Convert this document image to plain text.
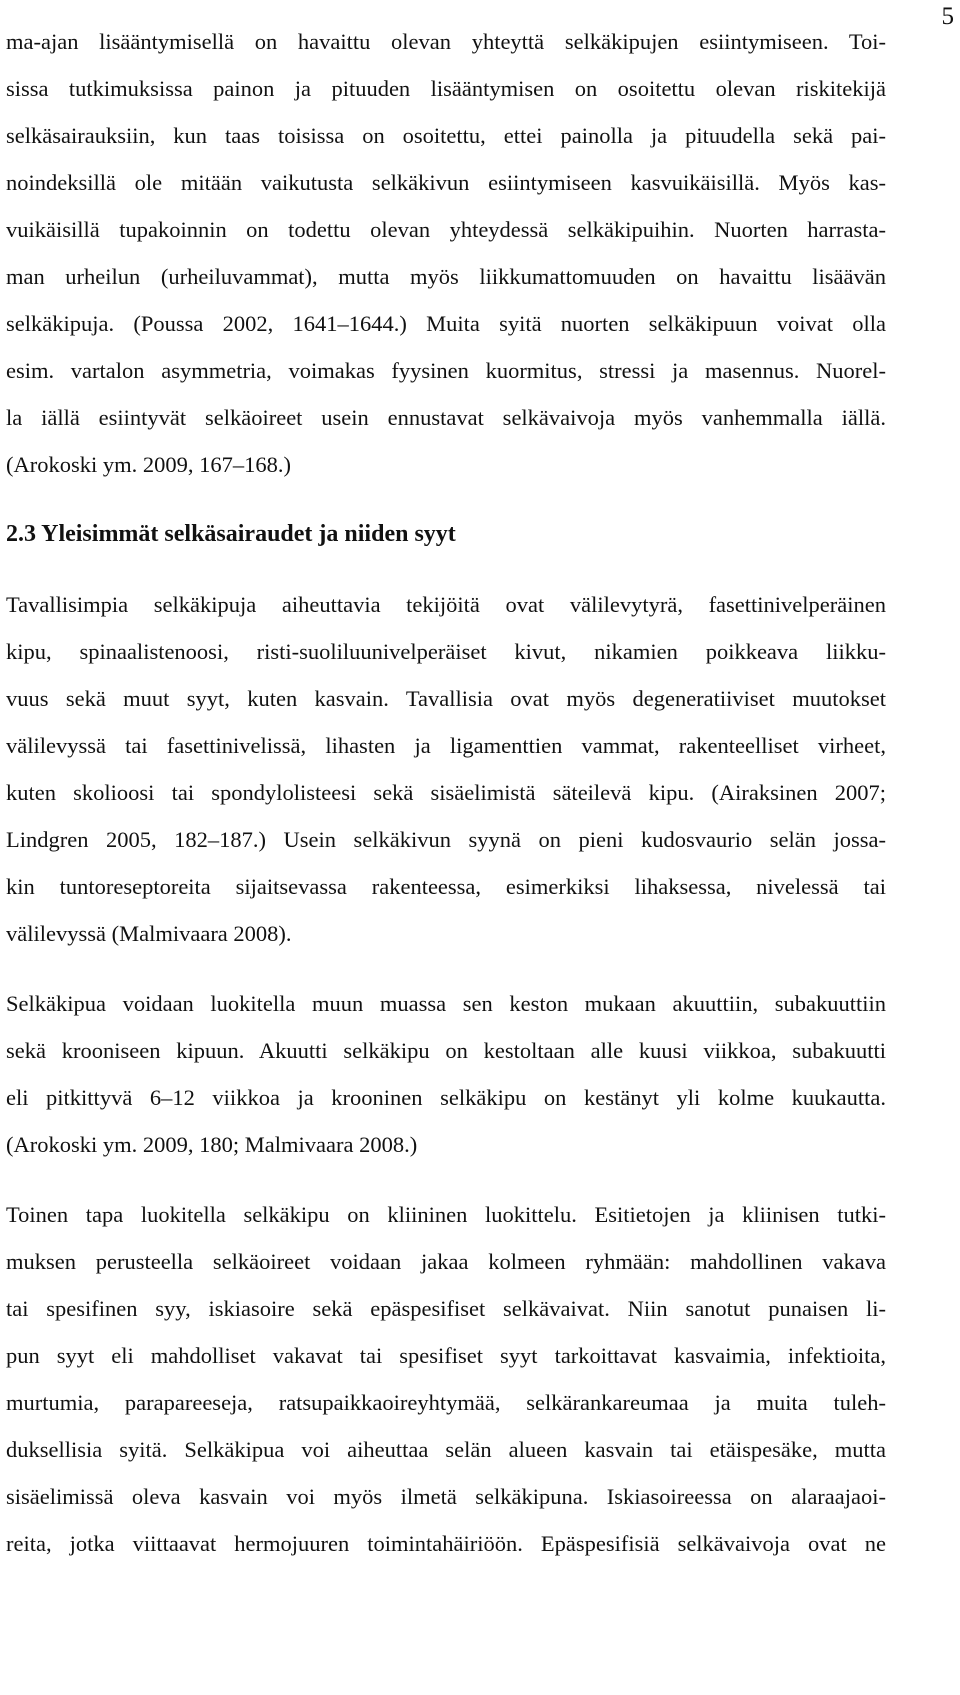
5
ma-ajan lisääntymisellä on havaittu olevan yhteyttä selkäkipujen esiintymiseen. Toi-
sissa tutkimuksissa painon ja pituuden lisääntymisen on osoitettu olevan riskitekijä
selkäsairauksiin, kun taas toisissa on osoitettu, ettei painolla ja pituudella sekä pai-
noindeksillä ole mitään vaikutusta selkäkivun esiintymiseen kasvuikäisillä. Myös kas-
vuikäisillä tupakoinnin on todettu olevan yhteydessä selkäkipuihin. Nuorten harrasta-
man urheilun (urheiluvammat), mutta myös liikkumattomuuden on havaittu lisäävän
selkäkipuja. (Poussa 2002, 1641–1644.) Muita syitä nuorten selkäkipuun voivat olla
esim. vartalon asymmetria, voimakas fyysinen kuormitus, stressi ja masennus. Nuorel-
la iällä esiintyvät selkäoireet usein ennustavat selkävaivoja myös vanhemmalla iällä.
(Arokoski ym. 2009, 167–168.)
2.3 Yleisimmät selkäsairaudet ja niiden syyt
Tavallisimpia selkäkipuja aiheuttavia tekijöitä ovat välilevytyrä, fasettinivelperäinen
kipu, spinaalistenoosi, risti-suoliluunivelperäiset kivut, nikamien poikkeava liikku-
vuus sekä muut syyt, kuten kasvain. Tavallisia ovat myös degeneratiiviset muutokset
välilevyssä tai fasettinivelissä, lihasten ja ligamenttien vammat, rakenteelliset virheet,
kuten skolioosi tai spondylolisteesi sekä sisäelimistä säteilevä kipu. (Airaksinen 2007;
Lindgren 2005, 182–187.) Usein selkäkivun syynä on pieni kudosvaurio selän jossa-
kin tuntoreseptoreita sijaitsevassa rakenteessa, esimerkiksi lihaksessa, nivelessä tai
välilevyssä (Malmivaara 2008).
Selkäkipua voidaan luokitella muun muassa sen keston mukaan akuuttiin, subakuuttiin
sekä krooniseen kipuun. Akuutti selkäkipu on kestoltaan alle kuusi viikkoa, subakuutti
eli pitkittyvä 6–12 viikkoa ja krooninen selkäkipu on kestänyt yli kolme kuukautta.
(Arokoski ym. 2009, 180; Malmivaara 2008.)
Toinen tapa luokitella selkäkipu on kliininen luokittelu. Esitietojen ja kliinisen tutki-
muksen perusteella selkäoireet voidaan jakaa kolmeen ryhmään: mahdollinen vakava
tai spesifinen syy, iskiasoire sekä epäspesifiset selkävaivat. Niin sanotut punaisen li-
pun syyt eli mahdolliset vakavat tai spesifiset syyt tarkoittavat kasvaimia, infektioita,
murtumia, parapareeseja, ratsupaikkaoireyhtymää, selkärankareumaa ja muita tuleh-
duksellisia syitä. Selkäkipua voi aiheuttaa selän alueen kasvain tai etäispesäke, mutta
sisäelimissä oleva kasvain voi myös ilmetä selkäkipuna. Iskiasoireessa on alaraajaoi-
reita, jotka viittaavat hermojuuren toimintahäiriöön. Epäspesifisiä selkävaivoja ovat ne
